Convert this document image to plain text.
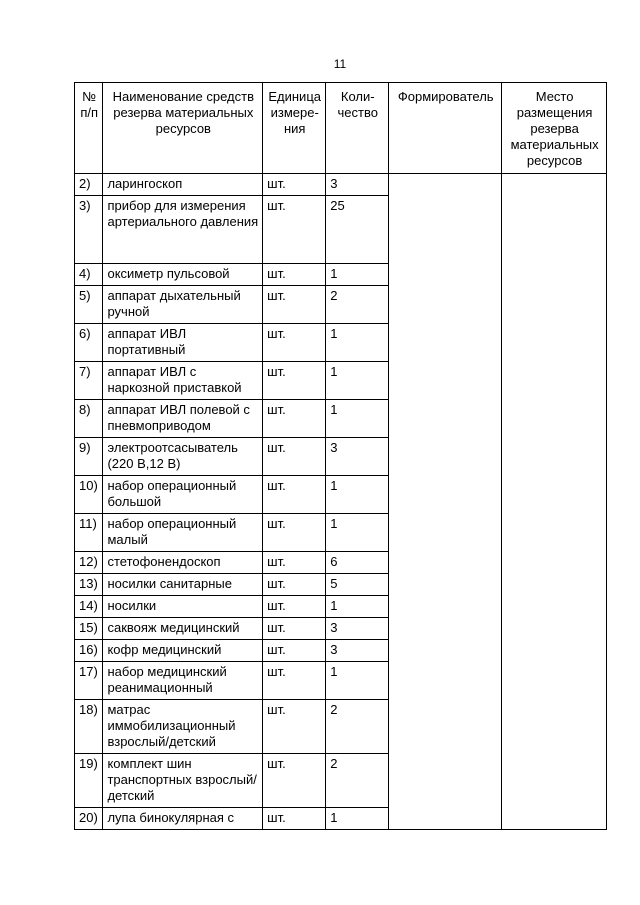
11
№ п/п	Наименование средств резерва материальных ресурсов	Единица измере-ния	Коли-чество	Формирователь	Место размещения резерва материальных ресурсов
2)	ларингоскоп	шт.	3		
3)	прибор для измерения артериального давления	шт.	25		
4)	оксиметр пульсовой	шт.	1		
5)	аппарат дыхательный ручной	шт.	2		
6)	аппарат ИВЛ портативный	шт.	1		
7)	аппарат ИВЛ с наркозной приставкой	шт.	1		
8)	аппарат ИВЛ полевой с пневмоприводом	шт.	1		
9)	электроотсасыватель (220 В,12 В)	шт.	3		
10)	набор операционный большой	шт.	1		
11)	набор операционный малый	шт.	1		
12)	стетофонендоскоп	шт.	6		
13)	носилки санитарные	шт.	5		
14)	носилки	шт.	1		
15)	саквояж медицинский	шт.	3		
16)	кофр медицинский	шт.	3		
17)	набор медицинский реанимационный	шт.	1		
18)	матрас иммобилизационный взрослый/детский	шт.	2		
19)	комплект шин транспортных взрослый/детский	шт.	2		
20)	лупа бинокулярная с	шт.	1		
